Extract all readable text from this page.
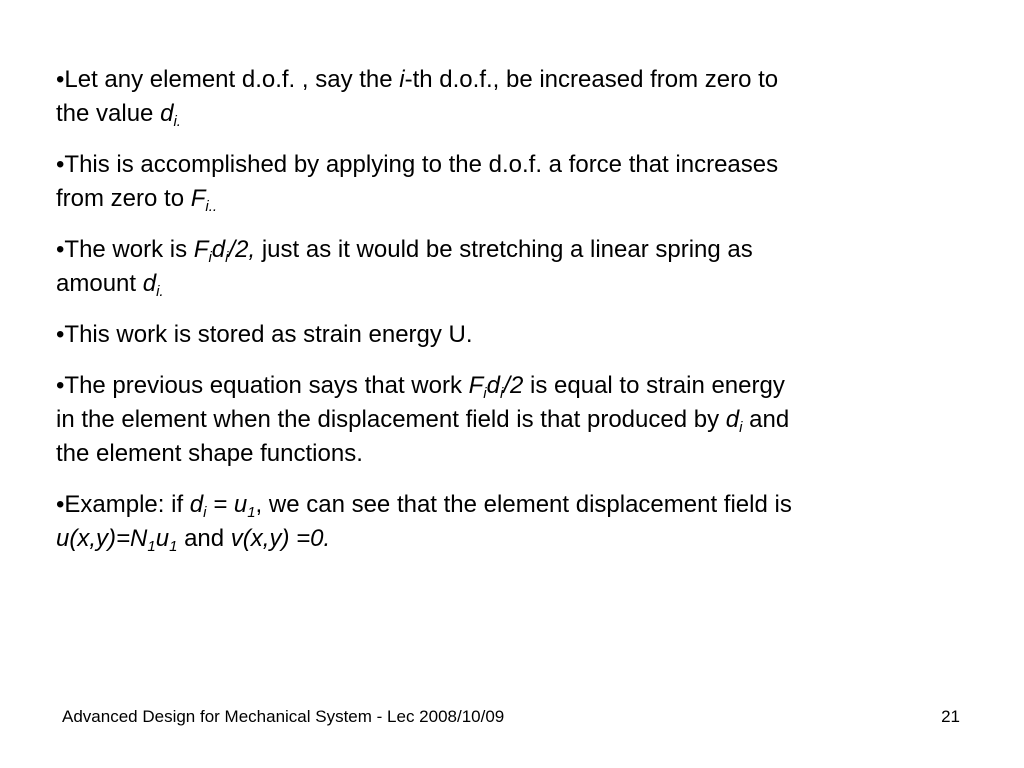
•Let any element d.o.f. , say the i-th d.o.f., be increased from zero to
the value $d_{i.}$
•This is accomplished by applying to the d.o.f. a force that increases
from zero to $F_{i..}$
•The work is $F_id_i/2$, just as it would be stretching a linear spring as
amount $d_{i.}$
•This work is stored as strain energy U.
•The previous equation says that work $F_id_i/2$ is equal to strain energy
in the element when the displacement field is that produced by $d_i$ and
the element shape functions.
•Example: if $d_i = u_1$, we can see that the element displacement field is
$u(x,y)=N_1u_1$ and v(x,y) =0.
Advanced Design for Mechanical System - Lec 2008/10/09	21
